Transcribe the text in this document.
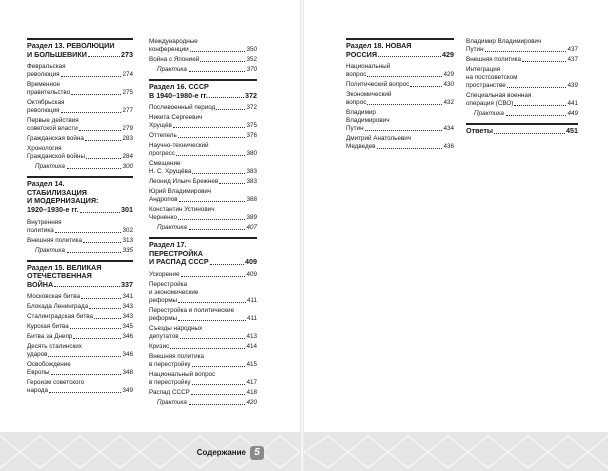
Раздел 13. РЕВОЛЮЦИИ
И БОЛЬШЕВИКИ	273
Февральская
революция	274
Временное
правительство	275
Октябрьская
революция	277
Первые действия
советской власти	279
Гражданская война	283
Хронология
Гражданской войны	284
Практика	300
Раздел 14.
СТАБИЛИЗАЦИЯ
И МОДЕРНИЗАЦИЯ:
1920–1930-е гг.	301
Внутренняя
политика	302
Внешняя политика	313
Практика	335
Раздел 15. ВЕЛИКАЯ
ОТЕЧЕСТВЕННАЯ
ВОЙНА	337
Московская битва	341
Блокада Ленинграда	343
Сталинградская битва	343
Курская битва	345
Битва за Днепр	346
Десять сталинских
ударов	346
Освобождение
Европы	348
Героизм советского
народа	349
Международные
конференции	350
Война с Японией	352
Практика	370
Раздел 16. СССР
В 1940–1980-е гг.	372
Послевоенный период	372
Никита Сергеевич
Хрущёв	375
Оттепель	376
Научно-технический
прогресс	380
Смещение
Н. С. Хрущёва	383
Леонид Ильич Брежнев	383
Юрий Владимирович
Андропов	388
Константин Устинович
Черненко	389
Практика	407
Раздел 17.
ПЕРЕСТРОЙКА
И РАСПАД СССР	409
Ускорение	409
Перестройка
и экономические
реформы	411
Перестройка и политические
реформы	411
Съезды народных
депутатов	413
Кризис	414
Внешняя политика
в перестройку	415
Национальный вопрос
в перестройку	417
Распад СССР	418
Практика	420
Содержание 5
Раздел 18. НОВАЯ
РОССИЯ	429
Национальный
вопрос	429
Политический вопрос	430
Экономический
вопрос	432
Владимир
Владимирович
Путин	434
Дмитрий Анатольевич
Медведев	436
Владимир Владимирович
Путин	437
Внешняя политика	437
Интеграция
на постсоветском
пространстве	439
Специальная военная
операция (СВО)	441
Практика	449
Ответы	451
